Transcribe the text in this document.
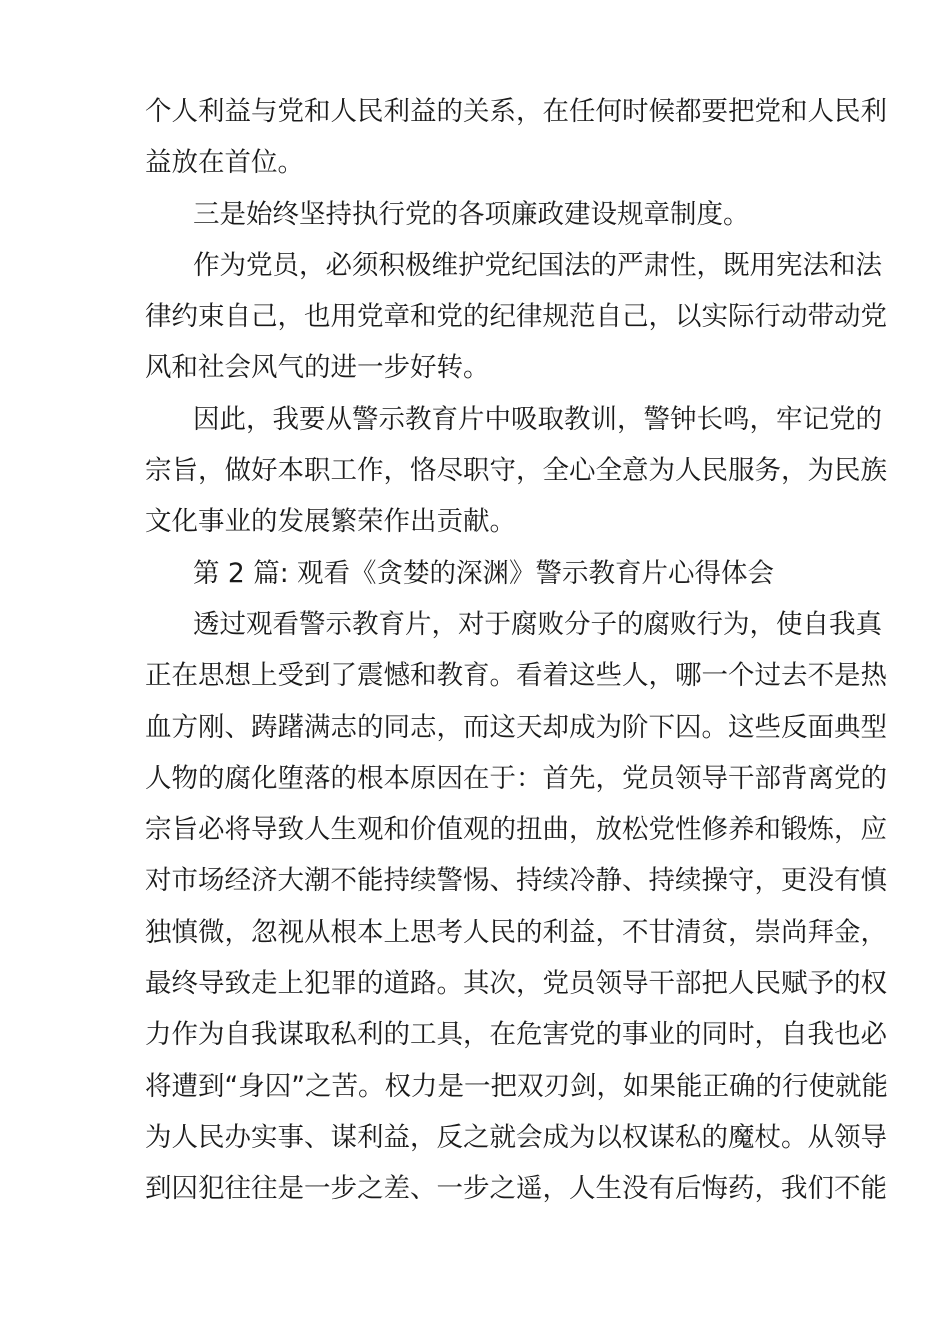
个人利益与党和人民利益的关系，在任何时候都要把党和人民利
益放在首位。
三是始终坚持执行党的各项廉政建设规章制度。
作为党员，必须积极维护党纪国法的严肃性，既用宪法和法
律约束自己，也用党章和党的纪律规范自己，以实际行动带动党
风和社会风气的进一步好转。
因此，我要从警示教育片中吸取教训，警钟长鸣，牢记党的
宗旨，做好本职工作，恪尽职守，全心全意为人民服务，为民族
文化事业的发展繁荣作出贡献。
第 2 篇: 观看《贪婪的深渊》警示教育片心得体会
透过观看警示教育片，对于腐败分子的腐败行为，使自我真
正在思想上受到了震憾和教育。看着这些人，哪一个过去不是热
血方刚、踌躇满志的同志，而这天却成为阶下囚。这些反面典型
人物的腐化堕落的根本原因在于：首先，党员领导干部背离党的
宗旨必将导致人生观和价值观的扭曲，放松党性修养和锻炼，应
对市场经济大潮不能持续警惕、持续冷静、持续操守，更没有慎
独慎微，忽视从根本上思考人民的利益，不甘清贫，崇尚拜金，
最终导致走上犯罪的道路。其次，党员领导干部把人民赋予的权
力作为自我谋取私利的工具，在危害党的事业的同时，自我也必
将遭到“身囚”之苦。权力是一把双刃剑，如果能正确的行使就能
为人民办实事、谋利益，反之就会成为以权谋私的魔杖。从领导
到囚犯往往是一步之差、一步之遥，人生没有后悔药，我们不能
